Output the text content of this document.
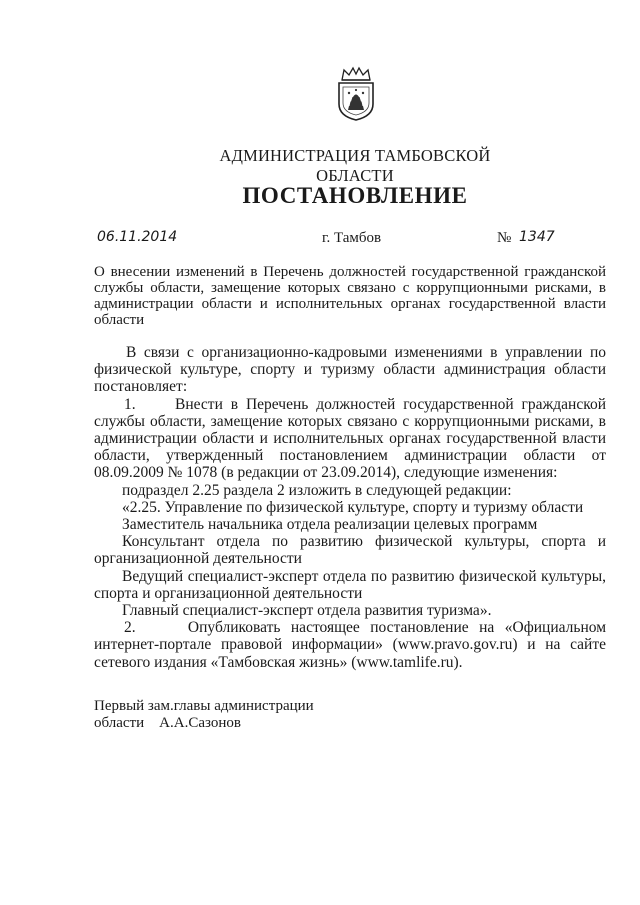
АДМИНИСТРАЦИЯ ТАМБОВСКОЙ ОБЛАСТИ
ПОСТАНОВЛЕНИЕ
06.11.2014	г. Тамбов	№ 1347
О внесении изменений в Перечень должностей государственной гражданской службы области, замещение которых связано с коррупционными рисками, в администрации области и исполнительных органах государственной власти области

В связи с организационно-кадровыми изменениями в управлении по физической культуре, спорту и туризму области администрация области постановляет:

1.     Внести в Перечень должностей государственной гражданской службы области, замещение которых связано с коррупционными рисками, в администрации области и исполнительных органах государственной власти области, утвержденный постановлением администрации области от 08.09.2009 № 1078 (в редакции от 23.09.2014), следующие изменения:

подраздел 2.25 раздела 2 изложить в следующей редакции:

«2.25. Управление по физической культуре, спорту и туризму области

Заместитель начальника отдела реализации целевых программ

Консультант отдела по развитию физической культуры, спорта и организационной деятельности

Ведущий специалист-эксперт отдела по развитию физической культуры, спорта и организационной деятельности

Главный специалист-эксперт отдела развития туризма».

2.     Опубликовать настоящее постановление на «Официальном интернет-портале правовой информации» (www.pravo.gov.ru) и на сайте сетевого издания «Тамбовская жизнь» (www.tamlife.ru).

Первый зам.главы администрации
области А.А.Сазонов
